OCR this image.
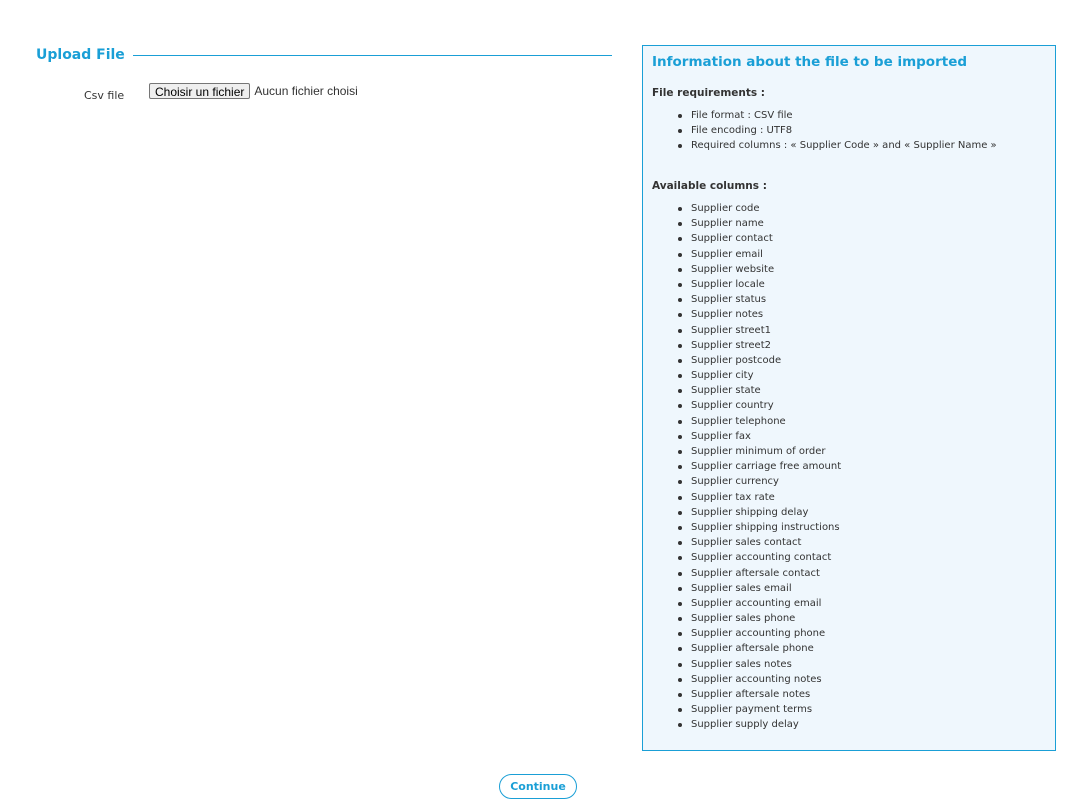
Upload File
Csv file	Choisir un fichier Aucun fichier choisi
Information about the file to be imported
File requirements :
File format : CSV file
File encoding : UTF8
Required columns : « Supplier Code » and « Supplier Name »
Available columns :
Supplier code
Supplier name
Supplier contact
Supplier email
Supplier website
Supplier locale
Supplier status
Supplier notes
Supplier street1
Supplier street2
Supplier postcode
Supplier city
Supplier state
Supplier country
Supplier telephone
Supplier fax
Supplier minimum of order
Supplier carriage free amount
Supplier currency
Supplier tax rate
Supplier shipping delay
Supplier shipping instructions
Supplier sales contact
Supplier accounting contact
Supplier aftersale contact
Supplier sales email
Supplier accounting email
Supplier sales phone
Supplier accounting phone
Supplier aftersale phone
Supplier sales notes
Supplier accounting notes
Supplier aftersale notes
Supplier payment terms
Supplier supply delay
Continue
